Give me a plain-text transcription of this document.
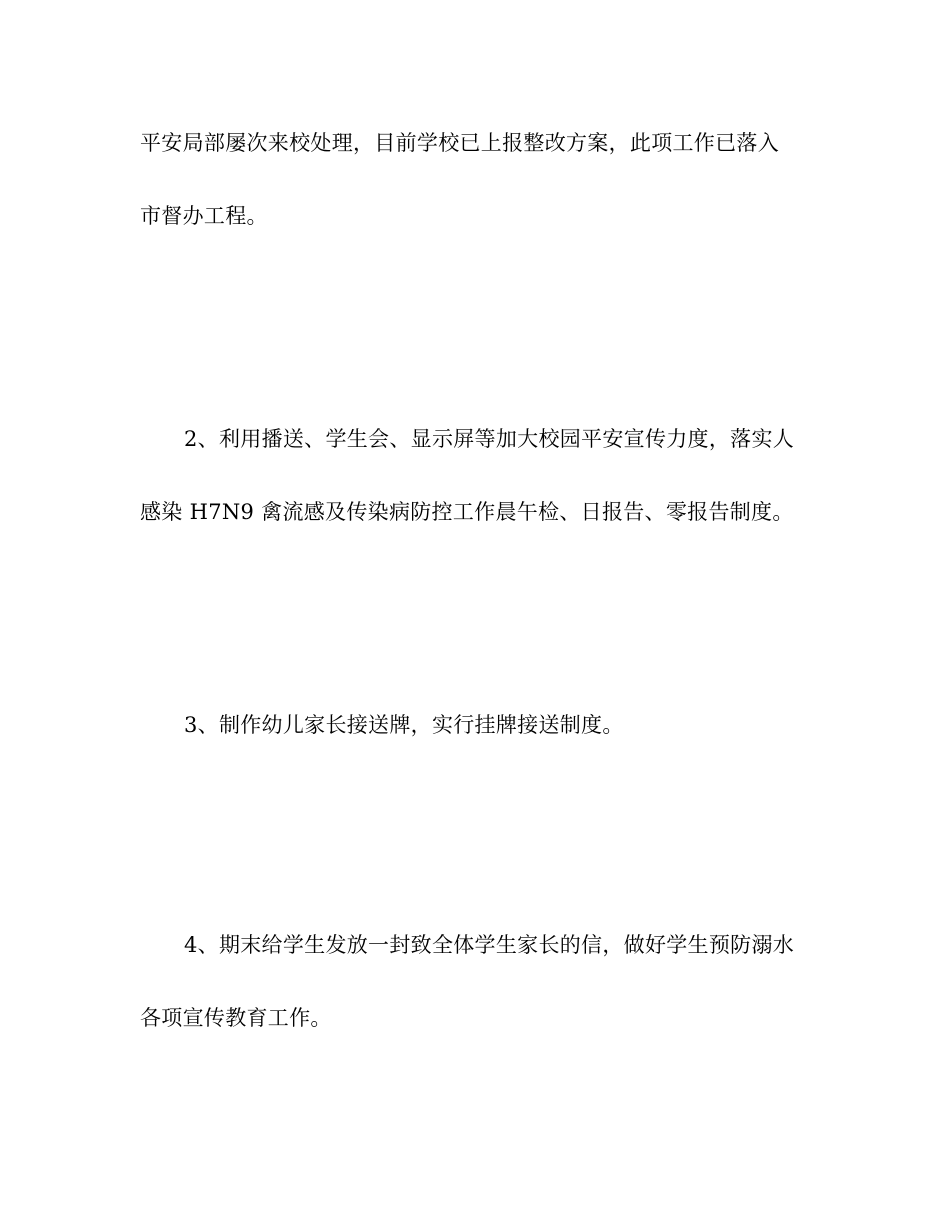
平安局部屡次来校处理，目前学校已上报整改方案，此项工作已落入
市督办工程。
2、利用播送、学生会、显示屏等加大校园平安宣传力度，落实人
感染 H7N9 禽流感及传染病防控工作晨午检、日报告、零报告制度。
3、制作幼儿家长接送牌，实行挂牌接送制度。
4、期末给学生发放一封致全体学生家长的信，做好学生预防溺水
各项宣传教育工作。
